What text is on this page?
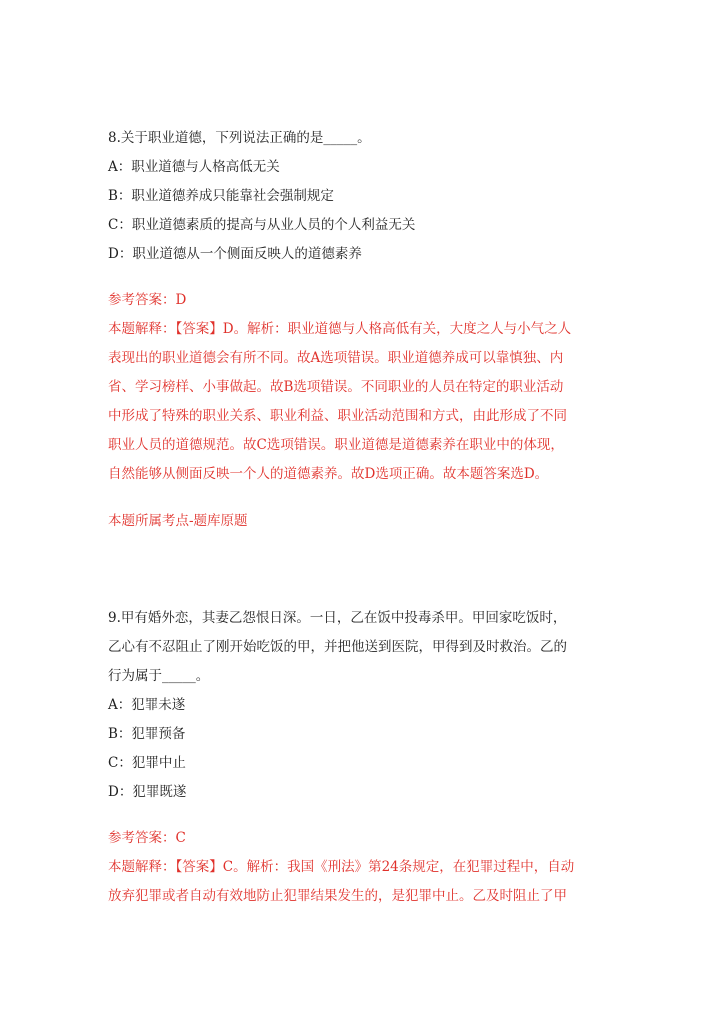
8.关于职业道德，下列说法正确的是_____。
A：职业道德与人格高低无关
B：职业道德养成只能靠社会强制规定
C：职业道德素质的提高与从业人员的个人利益无关
D：职业道德从一个侧面反映人的道德素养
参考答案：D
本题解释：【答案】D。解析：职业道德与人格高低有关，大度之人与小气之人
表现出的职业道德会有所不同。故A选项错误。职业道德养成可以靠慎独、内
省、学习榜样、小事做起。故B选项错误。不同职业的人员在特定的职业活动
中形成了特殊的职业关系、职业利益、职业活动范围和方式，由此形成了不同
职业人员的道德规范。故C选项错误。职业道德是道德素养在职业中的体现，
自然能够从侧面反映一个人的道德素养。故D选项正确。故本题答案选D。
本题所属考点-题库原题
9.甲有婚外恋，其妻乙怨恨日深。一日，乙在饭中投毒杀甲。甲回家吃饭时，
乙心有不忍阻止了刚开始吃饭的甲，并把他送到医院，甲得到及时救治。乙的
行为属于_____。
A：犯罪未遂
B：犯罪预备
C：犯罪中止
D：犯罪既遂
参考答案：C
本题解释：【答案】C。解析：我国《刑法》第24条规定，在犯罪过程中，自动
放弃犯罪或者自动有效地防止犯罪结果发生的，是犯罪中止。乙及时阻止了甲
